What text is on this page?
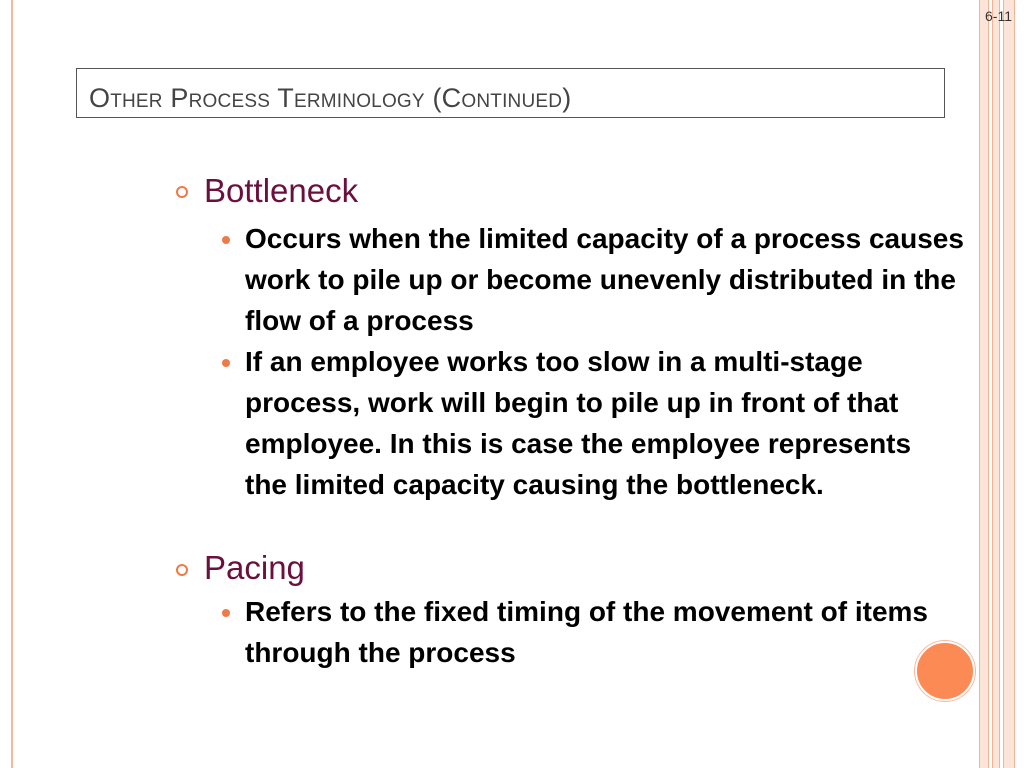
6-11
Other Process Terminology (Continued)
Bottleneck
Occurs when the limited capacity of a process causes work to pile up or become unevenly distributed in the flow of a process
If an employee works too slow in a multi-stage process, work will begin to pile up in front of that employee. In this is case the employee represents the limited capacity causing the bottleneck.
Pacing
Refers to the fixed timing of the movement of items through the process
